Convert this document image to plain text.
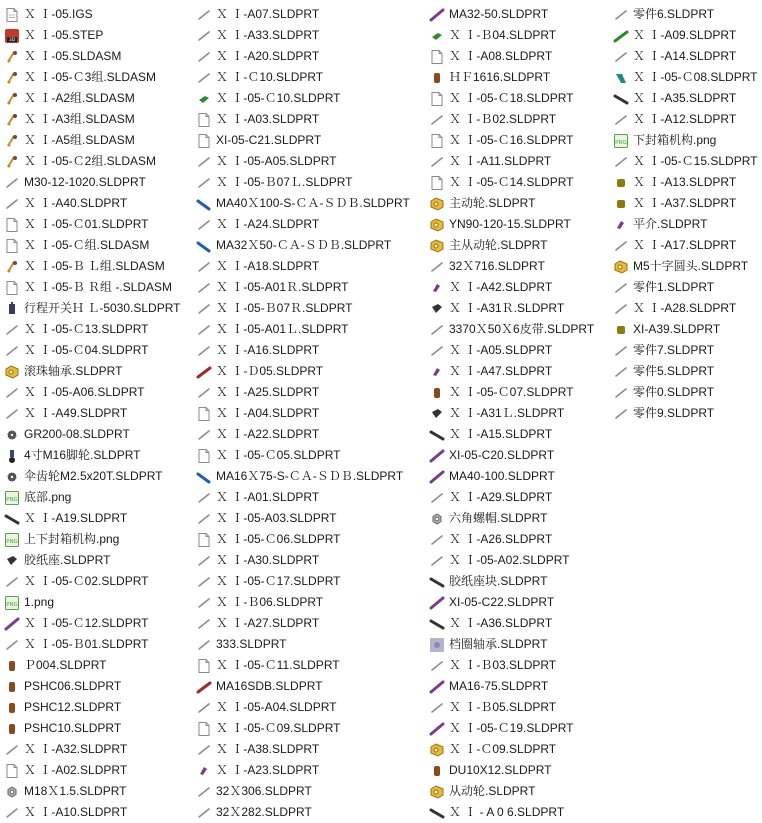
Ｘ Ｉ-05.IGS
3D Ｘ Ｉ-05.STEP
Ｘ Ｉ-05.SLDASM
Ｘ Ｉ-05-Ｃ3组.SLDASM
Ｘ Ｉ-A2组.SLDASM
Ｘ Ｉ-A3组.SLDASM
Ｘ Ｉ-A5组.SLDASM
Ｘ Ｉ-05-Ｃ2组.SLDASM
M30-12-1020.SLDPRT
Ｘ Ｉ-A40.SLDPRT
Ｘ Ｉ-05-Ｃ01.SLDPRT
Ｘ Ｉ-05-Ｃ组.SLDASM
Ｘ Ｉ-05-Ｂ Ｌ组.SLDASM
Ｘ Ｉ-05-Ｂ Ｒ组 -.SLDASM
行程开关Ｈ Ｌ-5030.SLDPRT
Ｘ Ｉ-05-Ｃ13.SLDPRT
Ｘ Ｉ-05-Ｃ04.SLDPRT
滚珠轴承.SLDPRT
Ｘ Ｉ-05-A06.SLDPRT
Ｘ Ｉ-A49.SLDPRT
GR200-08.SLDPRT
4寸M16脚轮.SLDPRT
伞齿轮M2.5x20T.SLDPRT
PNG 底部.png
Ｘ Ｉ-A19.SLDPRT
PNG 上下封箱机构.png
胶纸座.SLDPRT
Ｘ Ｉ-05-Ｃ02.SLDPRT
PNG 1.png
Ｘ Ｉ-05-Ｃ12.SLDPRT
Ｘ Ｉ-05-Ｂ01.SLDPRT
Ｐ004.SLDPRT
PSHC06.SLDPRT
PSHC12.SLDPRT
PSHC10.SLDPRT
Ｘ Ｉ-A32.SLDPRT
Ｘ Ｉ-A02.SLDPRT
M18Ｘ1.5.SLDPRT
Ｘ Ｉ-A10.SLDPRT
Ｘ Ｉ-A07.SLDPRT
Ｘ Ｉ-A33.SLDPRT
Ｘ Ｉ-A20.SLDPRT
Ｘ Ｉ-Ｃ10.SLDPRT
Ｘ Ｉ-05-Ｃ10.SLDPRT
Ｘ Ｉ-A03.SLDPRT
XI-05-C21.SLDPRT
Ｘ Ｉ-05-A05.SLDPRT
Ｘ Ｉ-05-Ｂ07Ｌ.SLDPRT
MA40Ｘ100-S-ＣＡ-ＳＤＢ.SLDPRT
Ｘ Ｉ-A24.SLDPRT
MA32Ｘ50-ＣＡ-ＳＤＢ.SLDPRT
Ｘ Ｉ-A18.SLDPRT
Ｘ Ｉ-05-A01Ｒ.SLDPRT
Ｘ Ｉ-05-Ｂ07Ｒ.SLDPRT
Ｘ Ｉ-05-A01Ｌ.SLDPRT
Ｘ Ｉ-A16.SLDPRT
Ｘ Ｉ-Ｄ05.SLDPRT
Ｘ Ｉ-A25.SLDPRT
Ｘ Ｉ-A04.SLDPRT
Ｘ Ｉ-A22.SLDPRT
Ｘ Ｉ-05-Ｃ05.SLDPRT
MA16Ｘ75-S-ＣＡ-ＳＤＢ.SLDPRT
Ｘ Ｉ-A01.SLDPRT
Ｘ Ｉ-05-A03.SLDPRT
Ｘ Ｉ-05-Ｃ06.SLDPRT
Ｘ Ｉ-A30.SLDPRT
Ｘ Ｉ-05-Ｃ17.SLDPRT
Ｘ Ｉ-Ｂ06.SLDPRT
Ｘ Ｉ-A27.SLDPRT
333.SLDPRT
Ｘ Ｉ-05-Ｃ11.SLDPRT
MA16SDB.SLDPRT
Ｘ Ｉ-05-A04.SLDPRT
Ｘ Ｉ-05-Ｃ09.SLDPRT
Ｘ Ｉ-A38.SLDPRT
Ｘ Ｉ-A23.SLDPRT
32Ｘ306.SLDPRT
32Ｘ282.SLDPRT
MA32-50.SLDPRT
Ｘ Ｉ-Ｂ04.SLDPRT
Ｘ Ｉ-A08.SLDPRT
ＨＦ1616.SLDPRT
Ｘ Ｉ-05-Ｃ18.SLDPRT
Ｘ Ｉ-Ｂ02.SLDPRT
Ｘ Ｉ-05-Ｃ16.SLDPRT
Ｘ Ｉ-A11.SLDPRT
Ｘ Ｉ-05-Ｃ14.SLDPRT
主动轮.SLDPRT
YN90-120-15.SLDPRT
主从动轮.SLDPRT
32Ｘ716.SLDPRT
Ｘ Ｉ-A42.SLDPRT
Ｘ Ｉ-A31Ｒ.SLDPRT
3370Ｘ50Ｘ6皮带.SLDPRT
Ｘ Ｉ-A05.SLDPRT
Ｘ Ｉ-A47.SLDPRT
Ｘ Ｉ-05-Ｃ07.SLDPRT
Ｘ Ｉ-A31Ｌ.SLDPRT
Ｘ Ｉ-A15.SLDPRT
XI-05-C20.SLDPRT
MA40-100.SLDPRT
Ｘ Ｉ-A29.SLDPRT
六角螺帽.SLDPRT
Ｘ Ｉ-A26.SLDPRT
Ｘ Ｉ-05-A02.SLDPRT
胶纸座块.SLDPRT
XI-05-C22.SLDPRT
Ｘ Ｉ-A36.SLDPRT
档圈轴承.SLDPRT
Ｘ Ｉ-Ｂ03.SLDPRT
MA16-75.SLDPRT
Ｘ Ｉ-Ｂ05.SLDPRT
Ｘ Ｉ-05-Ｃ19.SLDPRT
Ｘ Ｉ-Ｃ09.SLDPRT
DU10X12.SLDPRT
从动轮.SLDPRT
Ｘ Ｉ - A 0 6.SLDPRT
零件6.SLDPRT
Ｘ Ｉ-A09.SLDPRT
Ｘ Ｉ-A14.SLDPRT
Ｘ Ｉ-05-Ｃ08.SLDPRT
Ｘ Ｉ-A35.SLDPRT
Ｘ Ｉ-A12.SLDPRT
PNG 下封箱机构.png
Ｘ Ｉ-05-Ｃ15.SLDPRT
Ｘ Ｉ-A13.SLDPRT
Ｘ Ｉ-A37.SLDPRT
平介.SLDPRT
Ｘ Ｉ-A17.SLDPRT
M5十字圆头.SLDPRT
零件1.SLDPRT
Ｘ Ｉ-A28.SLDPRT
XI-A39.SLDPRT
零件7.SLDPRT
零件5.SLDPRT
零件0.SLDPRT
零件9.SLDPRT
